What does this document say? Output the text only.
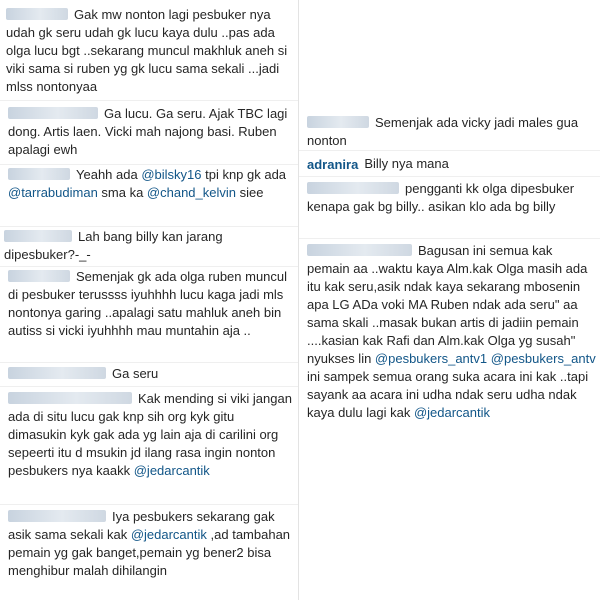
Gak mw nonton lagi pesbuker nya udah gk seru udah gk lucu kaya dulu ..pas ada olga lucu bgt ..sekarang muncul makhluk aneh si viki sama si ruben yg gk lucu sama sekali ...jadi mlss nontonyaa
Ga lucu. Ga seru. Ajak TBC lagi dong. Artis laen. Vicki mah najong basi. Ruben apalagi ewh
Yeahh ada @bilsky16 tpi knp gk ada @tarrabudiman sma ka @chand_kelvin siee
Lah bang billy kan jarang dipesbuker?-_-
Semenjak gk ada olga ruben muncul di pesbuker terussss iyuhhhh lucu kaga jadi mls nontonya garing ..apalagi satu mahluk aneh bin autiss si vicki iyuhhhh mau muntahin aja ..
Ga seru
Kak mending si viki jangan ada di situ lucu gak knp sih org kyk gitu dimasukin kyk gak ada yg lain aja di carilini org sepeerti itu d msukin jd ilang rasa ingin nonton pesbukers nya kaakk @jedarcantik
Iya pesbukers sekarang gak asik sama sekali kak @jedarcantik ,ad tambahan pemain yg gak banget,pemain yg bener2 bisa menghibur malah dihilangin
Semenjak ada vicky jadi males gua nonton
adranira Billy nya mana
pengganti kk olga dipesbuker kenapa gak bg billy.. asikan klo ada bg billy
Bagusan ini semua kak pemain aa ..waktu kaya Alm.kak Olga masih ada itu kak seru,asik ndak kaya sekarang mbosenin apa LG ADa voki MA Ruben ndak ada seru" aa sama skali ..masak bukan artis di jadiin pemain ....kasian kak Rafi dan Alm.kak Olga yg susah" nyukses lin @pesbukers_antv1 @pesbukers_antv ini sampek semua orang suka acara ini kak ..tapi sayank aa acara ini udha ndak seru udha ndak kaya dulu lagi kak @jedarcantik
